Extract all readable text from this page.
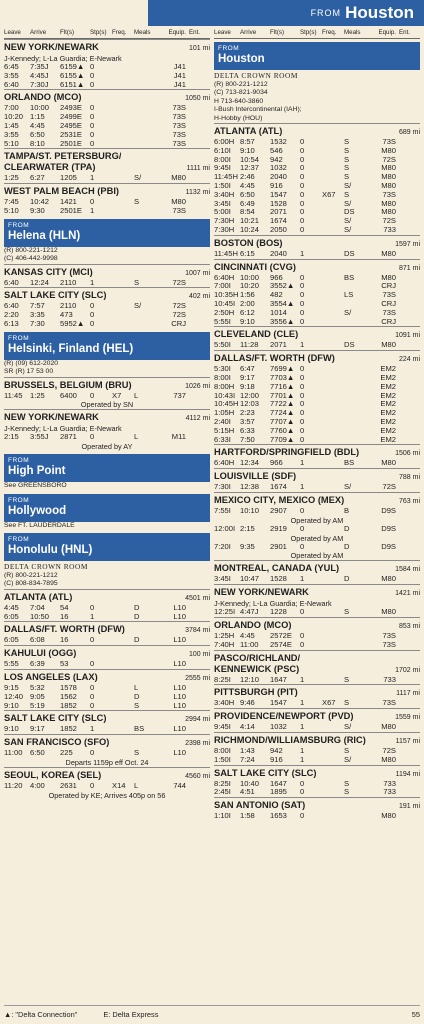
FROM Houston
Leave	Arrive	Flt(s)	Stp(s) Freq.	Meals	Equip. Ent.
NEW YORK/NEWARK	101 mi
J-Kennedy; L-La Guardia; E-Newark
6:45	7:35J	6159▲ 0	J41
3:55	4:45J	6155▲ 0	J41
6:40	7:30J	6151▲ 0	J41
ORLANDO (MCO)	1050 mi
7:00	10:00	2493E	0	73S
10:20 1:15	2499E	0	73S
1:45	4:45	2495E	0	73S
3:55	6:50	2531E	0	73S
5:10	8:10	2501E	0	73S
TAMPA/ST. PETERSBURG/
CLEARWATER (TPA)	1111 mi
1:25	6:27	1205	1	S/	M80
WEST PALM BEACH (PBI)	1132 mi
7:45	10:42	1421	0	S	M80
5:10	9:30	2501E	1	73S
FROM
Helena (HLN)
(R) 800-221-1212
(C) 406-442-9998
KANSAS CITY (MCI)	1007 mi
6:40	12:24	2110	1	S	72S
SALT LAKE CITY (SLC)	402 mi
6:40	7:57	2110	0	S/	72S
2:20	3:35	473	0	72S
6:13	7:30	5952▲ 0	CRJ
FROM
Helsinki, Finland (HEL)
(R) (09) 612-2020
SR (R) 17 53 00
BRUSSELS, BELGIUM (BRU)	1026 mi
11:45 1:25	6400	0	X7	L	737
Operated by SN
NEW YORK/NEWARK	4112 mi
J-Kennedy; L-La Guardia; E-Newark
2:15	3:55J	2871	0	L	M11
Operated by AY
FROM
High Point
See GREENSBORO
FROM
Hollywood
See FT. LAUDERDALE
FROM
Honolulu (HNL)
DELTA CROWN ROOM
(R) 800-221-1212
(C) 808-834-7895
ATLANTA (ATL)	4501 mi
4:45	7:04	54	0	D	L10
6:05	10:50	16	1	D	L10
DALLAS/FT. WORTH (DFW)	3784 mi
6:05	6:08	16	0	D	L10
KAHULUI (OGG)	100 mi
5:55	6:39	53	0	L10
LOS ANGELES (LAX)	2555 mi
9:15	5:32	1578	0	L	L10
12:40 9:05	1562	0	D	L10
9:10	5:19	1852	0	S	L10
SALT LAKE CITY (SLC)	2994 mi
9:10	9:17	1852	1	BS	L10
SAN FRANCISCO (SFO)	2398 mi
11:00 6:50	225	0	S	L10
Departs 1159p eff Oct. 24
SEOUL, KOREA (SEL)	4560 mi
11:20 4:00	2631	0	X14	L	744
Operated by KE; Arrives 405p on 56
Leave	Arrive	Flt(s)	Stp(s) Freq.	Meals	Equip. Ent.
FROM
Houston
DELTA CROWN ROOM
(R) 800-221-1212
(C) 713-821-9034
H 713-640-3860
I-Bush Intercontinental (IAH);
H-Hobby (HOU)
ATLANTA (ATL)	689 mi
6:00H 8:57	1532	0	S	73S
6:10I	9:10	546	0	S	M80
8:00I	10:54	942	0	S	72S
9:45I	12:37	1032	0	S	M80
11:45H 2:46	2040	0	S	M80
1:50I	4:45	916	0	S/	M80
3:40H 6:50	1547	0	X67	S	73S
3:45I	6:49	1528	0	S/	M80
5:00I	8:54	2071	0	DS	M80
7:30H 10:21	1674	0	S/	72S
7:30H 10:24	2050	0	S/	733
BOSTON (BOS)	1597 mi
11:45H 6:15	2040	1	DS	M80
CINCINNATI (CVG)	871 mi
6:40H 10:00	966	0	BS	M80
7:00I	10:20	3552▲ 0	CRJ
10:35H 1:56	482	0	LS	73S
10:45I 2:00	3554▲ 0	CRJ
2:50H 6:12	1014	0	S/	73S
5:55I	9:10	3556▲ 0	CRJ
CLEVELAND (CLE)	1091 mi
5:50I	11:28	2071	1	DS	M80
DALLAS/FT. WORTH (DFW)	224 mi
5:30I	6:47	7699▲ 0	EM2
8:00I	9:17	7703▲ 0	EM2
8:00H 9:18	7716▲ 0	EM2
10:43I 12:00	7701▲ 0	EM2
10:45H 12:03	7722▲ 0	EM2
1:05H 2:23	7724▲ 0	EM2
2:40I	3:57	7707▲ 0	EM2
5:15H 6:33	7760▲ 0	EM2
6:33I	7:50	7709▲ 0	EM2
HARTFORD/SPRINGFIELD (BDL)	1506 mi
6:40H 12:34	966	1	BS	M80
LOUISVILLE (SDF)	788 mi
7:30I	12:38	1674	1	S/	72S
MEXICO CITY, MEXICO (MEX)	763 mi
7:55I	10:10	2907	0	B	D9S
Operated by AM
12:00I 2:15	2919	0	D	D9S
Operated by AM
7:20I	9:35	2901	0	D	D9S
Operated by AM
MONTREAL, CANADA (YUL)	1584 mi
3:45I	10:47	1528	1	D	M80
NEW YORK/NEWARK	1421 mi
J-Kennedy; L-La Guardia; E-Newark
12:25I 4:47J	1228	0	S	M80
ORLANDO (MCO)	853 mi
1:25H 4:45	2572E	0	73S
7:40H 11:00	2574E	0	73S
PASCO/RICHLAND/
KENNEWICK (PSC)	1702 mi
8:25I	12:10	1647	1	S	733
PITTSBURGH (PIT)	1117 mi
3:40H 9:46	1547	1	X67	S	73S
PROVIDENCE/NEWPORT (PVD)	1559 mi
9:45I	4:14	1032	1	S/	M80
RICHMOND/WILLIAMSBURG (RIC)	1157 mi
8:00I	1:43	942	1	S	72S
1:50I	7:24	916	1	S/	M80
SALT LAKE CITY (SLC)	1194 mi
8:25I	10:40	1647	0	S	733
2:45I	4:51	1895	0	S	733
SAN ANTONIO (SAT)	191 mi
1:10I	1:58	1653	0	M80
▲: "Delta Connection"	E: Delta Express	55
